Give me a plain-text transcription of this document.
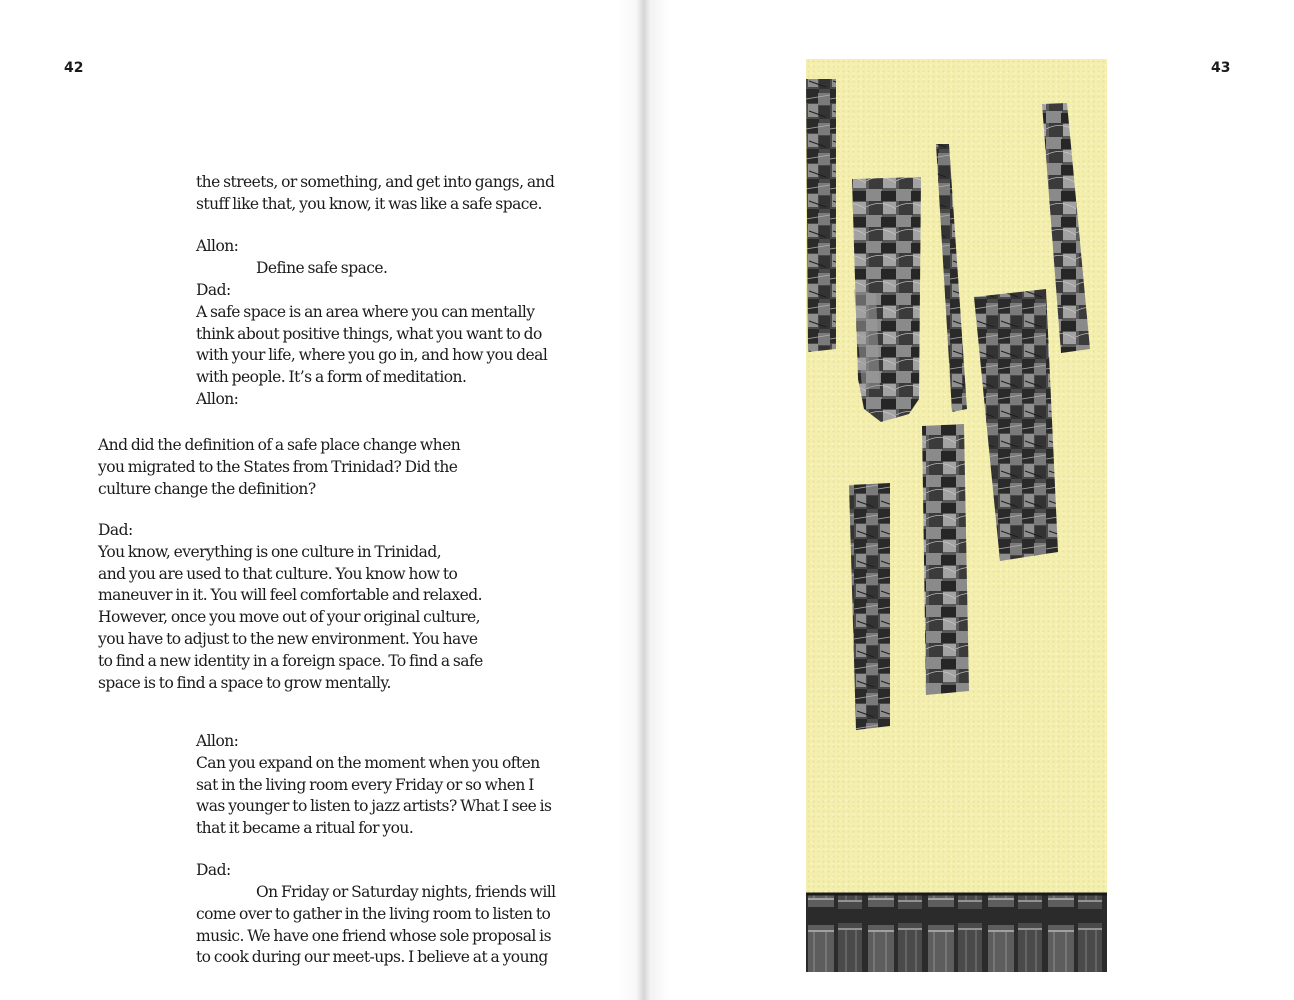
42

the streets, or something, and get into gangs, and
stuff like that, you know, it was like a safe space.

Allon:

Define safe space.

Dad:
A safe space is an area where you can mentally
think about positive things, what you want to do
with your life, where you go in, and how you deal
with people. It’s a form of meditation.
Allon:

And did the definition of a safe place change when
you migrated to the States from Trinidad? Did the
culture change the definition?

Dad:
You know, everything is one culture in Trinidad,
and you are used to that culture. You know how to
maneuver in it. You will feel comfortable and relaxed.
However, once you move out of your original culture,
you have to adjust to the new environment. You have
to find a new identity in a foreign space. To find a safe
space is to find a space to grow mentally.

Allon:
Can you expand on the moment when you often
sat in the living room every Friday or so when I
was younger to listen to jazz artists? What I see is
that it became a ritual for you.

Dad:

On Friday or Saturday nights, friends will
come over to gather in the living room to listen to
music. We have one friend whose sole proposal is
to cook during our meet-ups. I believe at a young

43
